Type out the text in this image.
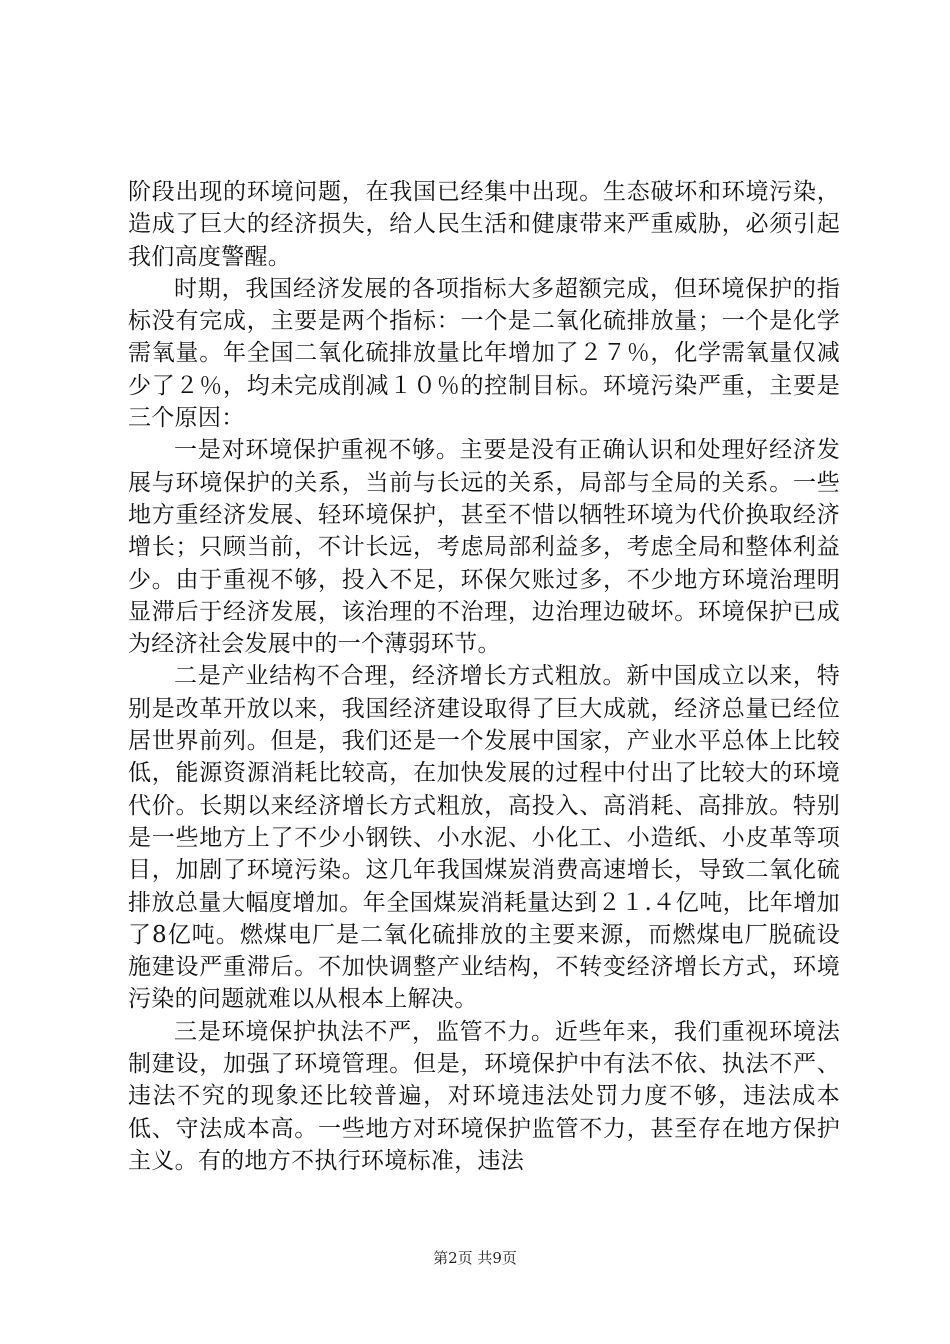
阶段出现的环境问题，在我国已经集中出现。生态破坏和环境污染，造成了巨大的经济损失，给人民生活和健康带来严重威胁，必须引起我们高度警醒。

时期，我国经济发展的各项指标大多超额完成，但环境保护的指标没有完成，主要是两个指标：一个是二氧化硫排放量；一个是化学需氧量。年全国二氧化硫排放量比年增加了２７％，化学需氧量仅减少了２％，均未完成削减１０％的控制目标。环境污染严重，主要是三个原因：

一是对环境保护重视不够。主要是没有正确认识和处理好经济发展与环境保护的关系，当前与长远的关系，局部与全局的关系。一些地方重经济发展、轻环境保护，甚至不惜以牺牲环境为代价换取经济增长；只顾当前，不计长远，考虑局部利益多，考虑全局和整体利益少。由于重视不够，投入不足，环保欠账过多，不少地方环境治理明显滞后于经济发展，该治理的不治理，边治理边破坏。环境保护已成为经济社会发展中的一个薄弱环节。

二是产业结构不合理，经济增长方式粗放。新中国成立以来，特别是改革开放以来，我国经济建设取得了巨大成就，经济总量已经位居世界前列。但是，我们还是一个发展中国家，产业水平总体上比较低，能源资源消耗比较高，在加快发展的过程中付出了比较大的环境代价。长期以来经济增长方式粗放，高投入、高消耗、高排放。特别是一些地方上了不少小钢铁、小水泥、小化工、小造纸、小皮革等项目，加剧了环境污染。这几年我国煤炭消费高速增长，导致二氧化硫排放总量大幅度增加。年全国煤炭消耗量达到２１.４亿吨，比年增加了8亿吨。燃煤电厂是二氧化硫排放的主要来源，而燃煤电厂脱硫设施建设严重滞后。不加快调整产业结构，不转变经济增长方式，环境污染的问题就难以从根本上解决。

三是环境保护执法不严，监管不力。近些年来，我们重视环境法制建设，加强了环境管理。但是，环境保护中有法不依、执法不严、违法不究的现象还比较普遍，对环境违法处罚力度不够，违法成本低、守法成本高。一些地方对环境保护监管不力，甚至存在地方保护主义。有的地方不执行环境标准，违法

第2页 共9页
